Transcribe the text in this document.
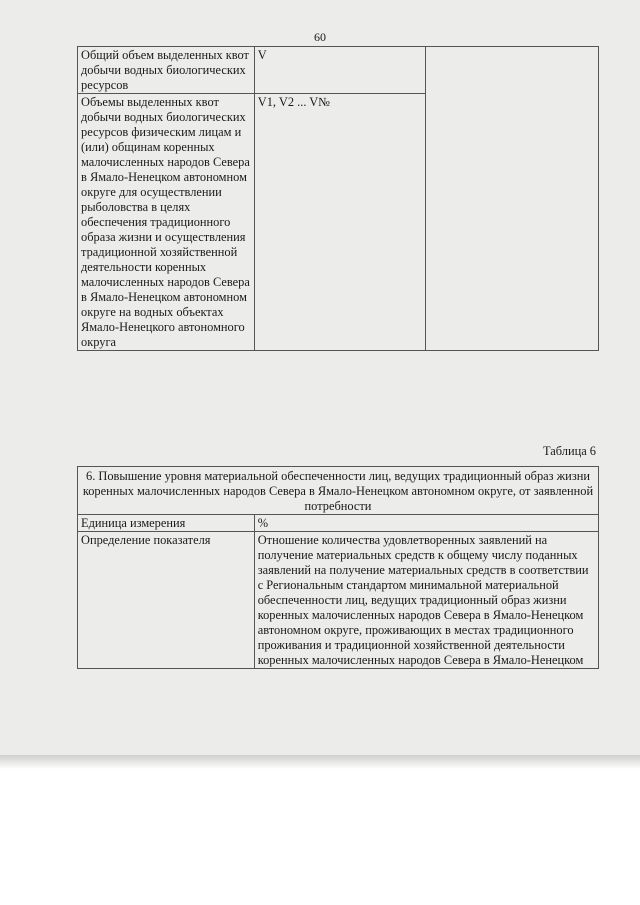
60
Общий объем выделенных квот добычи водных биологических ресурсов	V	
Объемы выделенных квот добычи водных биологических ресурсов физическим лицам и (или) общинам коренных малочисленных народов Севера в Ямало-Ненецком автономном округе для осуществлении рыболовства в целях обеспечения традиционного образа жизни и осуществления традиционной хозяйственной деятельности коренных малочисленных народов Севера в Ямало-Ненецком автономном округе на водных объектах Ямало-Ненецкого автономного округа	V1, V2 ... V№	
Таблица 6
6. Повышение уровня материальной обеспеченности лиц, ведущих традиционный образ жизни коренных малочисленных народов Севера в Ямало-Ненецком автономном округе, от заявленной потребности	
Единица измерения	%
Определение показателя	Отношение количества удовлетворенных заявлений на получение материальных средств к общему числу поданных заявлений на получение материальных средств в соответствии с Региональным стандартом минимальной материальной обеспеченности лиц, ведущих традиционный образ жизни коренных малочисленных народов Севера в Ямало-Ненецком автономном округе, проживающих в местах традиционного проживания и традиционной хозяйственной деятельности коренных малочисленных народов Севера в Ямало-Ненецком
